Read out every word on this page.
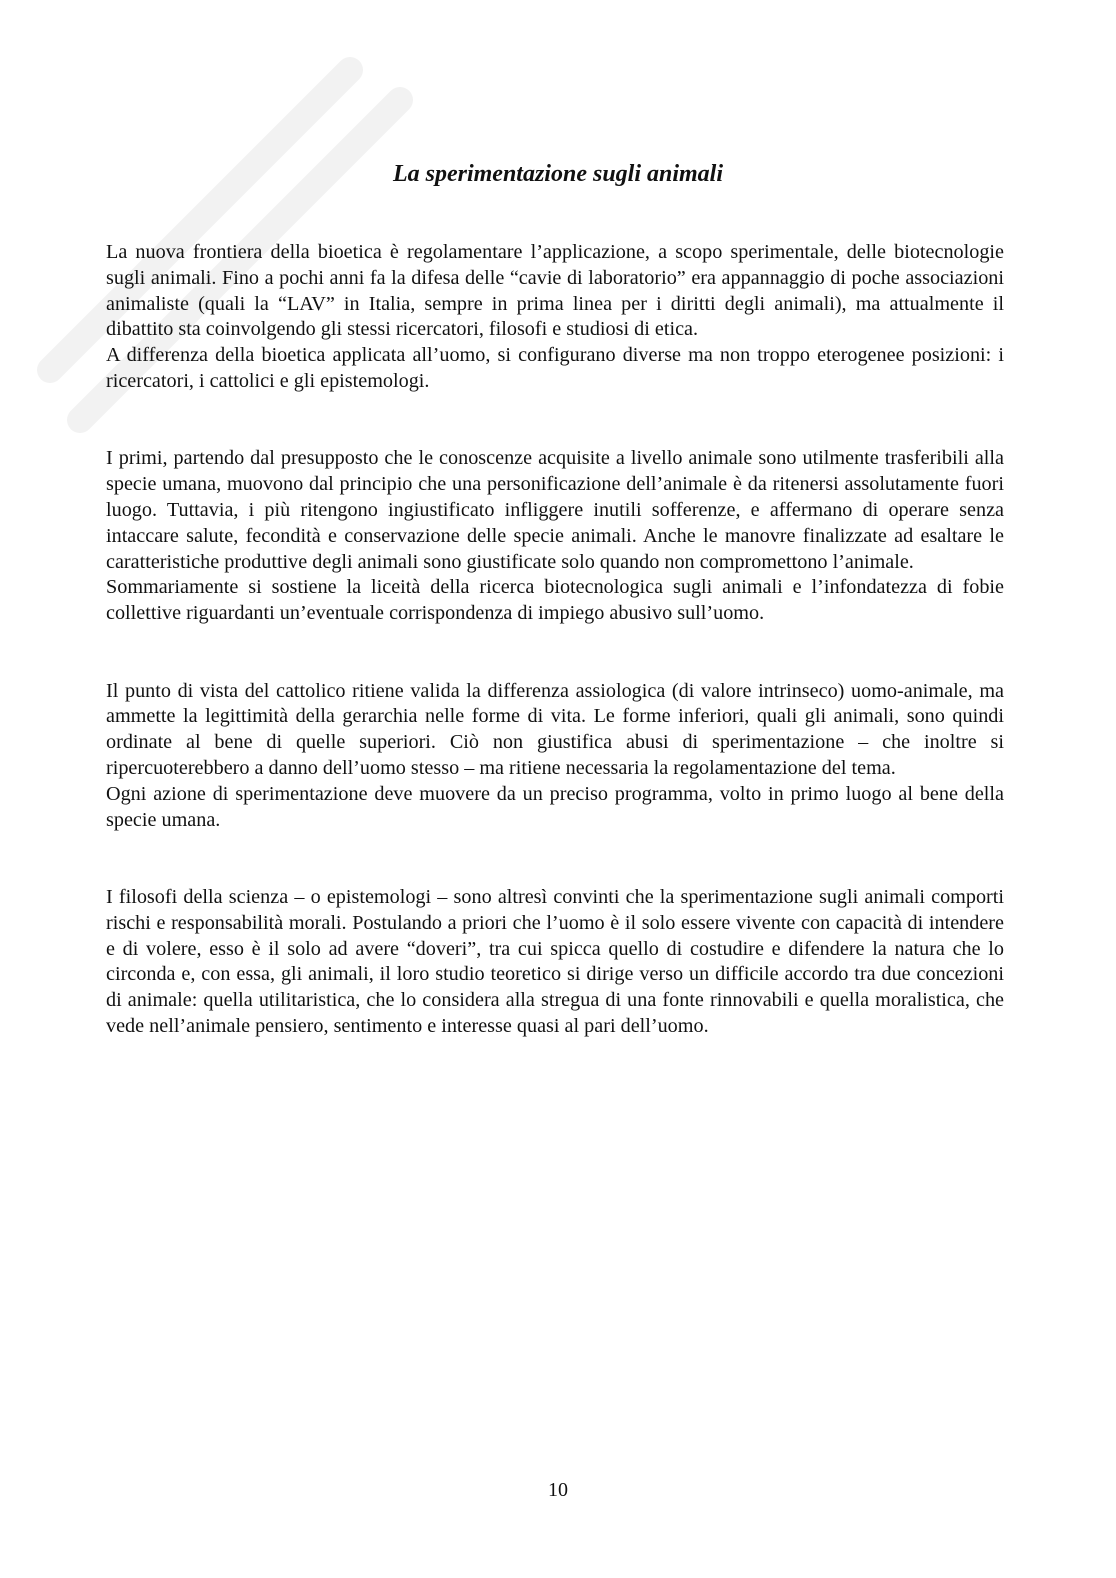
La sperimentazione sugli animali

La nuova frontiera della bioetica è regolamentare l’applicazione, a scopo sperimentale, delle biotecnologie sugli animali. Fino a pochi anni fa la difesa delle “cavie di laboratorio” era appannaggio di poche associazioni animaliste (quali la “LAV” in Italia, sempre in prima linea per i diritti degli animali), ma attualmente il dibattito sta coinvolgendo gli stessi ricercatori, filosofi e studiosi di etica.

A differenza della bioetica applicata all’uomo, si configurano diverse ma non troppo eterogenee posizioni: i ricercatori, i cattolici e gli epistemologi.

I primi, partendo dal presupposto che le conoscenze acquisite a livello animale sono utilmente trasferibili alla specie umana, muovono dal principio che una personificazione dell’animale è da ritenersi assolutamente fuori luogo. Tuttavia, i più ritengono ingiustificato infliggere inutili sofferenze, e affermano di operare senza intaccare salute, fecondità e conservazione delle specie animali. Anche le manovre finalizzate ad esaltare le caratteristiche produttive degli animali sono giustificate solo quando non compromettono l’animale.

Sommariamente si sostiene la liceità della ricerca biotecnologica sugli animali e l’infondatezza di fobie collettive riguardanti un’eventuale corrispondenza di impiego abusivo sull’uomo.

Il punto di vista del cattolico ritiene valida la differenza assiologica (di valore intrinseco) uomo-animale, ma ammette la legittimità della gerarchia nelle forme di vita. Le forme inferiori, quali gli animali, sono quindi ordinate al bene di quelle superiori. Ciò non giustifica abusi di sperimentazione – che inoltre si ripercuoterebbero a danno dell’uomo stesso – ma ritiene necessaria la regolamentazione del tema.

Ogni azione di sperimentazione deve muovere da un preciso programma, volto in primo luogo al bene della specie umana.

I filosofi della scienza – o epistemologi – sono altresì convinti che la sperimentazione sugli animali comporti rischi e responsabilità morali. Postulando a priori che l’uomo è il solo essere vivente con capacità di intendere e di volere, esso è il solo ad avere “doveri”, tra cui spicca quello di costudire e difendere la natura che lo circonda e, con essa, gli animali, il loro studio teoretico si dirige verso un difficile accordo tra due concezioni di animale: quella utilitaristica, che lo considera alla stregua di una fonte rinnovabili e quella moralistica, che vede nell’animale pensiero, sentimento e interesse quasi al pari dell’uomo.

10
